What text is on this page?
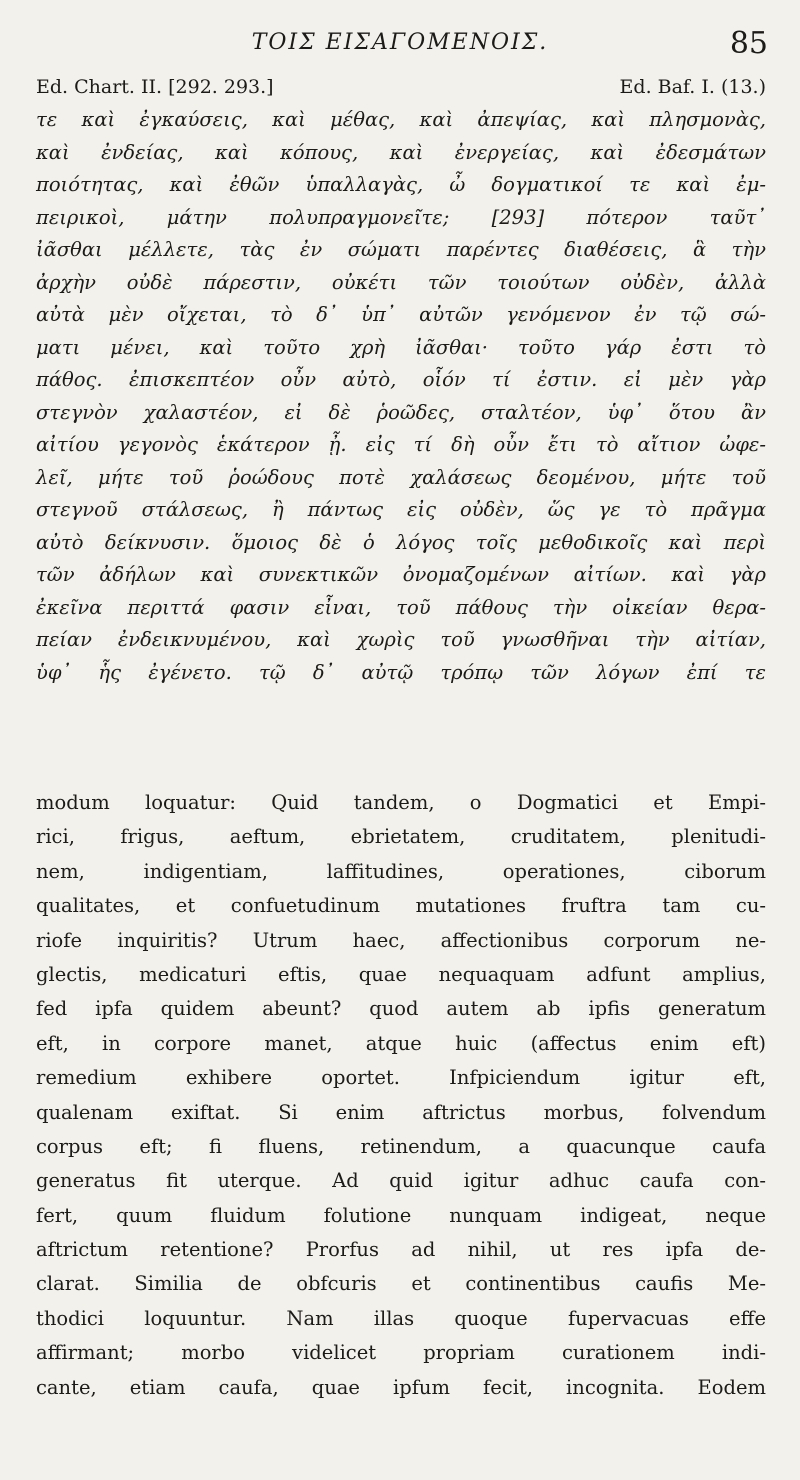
ΤΟΙΣ ΕΙΣΑΓΟΜΕΝΟΙΣ.	85
Ed. Chart. II. [292. 293.]	Ed. Baf. I. (13.)
τε καὶ ἐγκαύσεις, καὶ μέθας, καὶ ἀπεψίας, καὶ πλησμονὰς,
καὶ ἐνδείας, καὶ κόπους, καὶ ἐνεργείας, καὶ ἐδεσμάτων
ποιότητας, καὶ ἐθῶν ὑπαλλαγὰς, ὦ δογματικοί τε καὶ ἐμ-
πειρικοὶ, μάτην πολυπραγμονεῖτε; [293] πότερον ταῦτ᾽
ἰᾶσθαι μέλλετε, τὰς ἐν σώματι παρέντες διαθέσεις, ἃ τὴν
ἀρχὴν οὐδὲ πάρεστιν, οὐκέτι τῶν τοιούτων οὐδὲν, ἀλλὰ
αὐτὰ μὲν οἴχεται, τὸ δ᾽ ὑπ᾽ αὐτῶν γενόμενον ἐν τῷ σώ-
ματι μένει, καὶ τοῦτο χρὴ ἰᾶσθαι· τοῦτο γάρ ἐστι τὸ
πάθος. ἐπισκεπτέον οὖν αὐτὸ, οἷόν τί ἐστιν. εἰ μὲν γὰρ
στεγνὸν χαλαστέον, εἰ δὲ ῥοῶδες, σταλτέον, ὑφ᾽ ὅτου ἂν
αἰτίου γεγονὸς ἑκάτερον ᾖ. εἰς τί δὴ οὖν ἔτι τὸ αἴτιον ὠφε-
λεῖ, μήτε τοῦ ῥοώδους ποτὲ χαλάσεως δεομένου, μήτε τοῦ
στεγνοῦ στάλσεως, ἢ πάντως εἰς οὐδὲν, ὥς γε τὸ πρᾶγμα
αὐτὸ δείκνυσιν. ὅμοιος δὲ ὁ λόγος τοῖς μεθοδικοῖς καὶ περὶ
τῶν ἀδήλων καὶ συνεκτικῶν ὀνομαζομένων αἰτίων. καὶ γὰρ
ἐκεῖνα περιττά φασιν εἶναι, τοῦ πάθους τὴν οἰκείαν θερα-
πείαν ἐνδεικνυμένου, καὶ χωρὶς τοῦ γνωσθῆναι τὴν αἰτίαν,
ὑφ᾽ ἧς ἐγένετο. τῷ δ᾽ αὐτῷ τρόπῳ τῶν λόγων ἐπί τε
modum loquatur: Quid tandem, o Dogmatici et Empi-
rici, frigus, aeftum, ebrietatem, cruditatem, plenitudi-
nem, indigentiam, laffitudines, operationes, ciborum
qualitates, et confuetudinum mutationes fruftra tam cu-
riofe inquiritis? Utrum haec, affectionibus corporum ne-
glectis, medicaturi eftis, quae nequaquam adfunt amplius,
fed ipfa quidem abeunt? quod autem ab ipfis generatum
eft, in corpore manet, atque huic (affectus enim eft)
remedium exhibere oportet. Infpiciendum igitur eft,
qualenam exiftat. Si enim aftrictus morbus, folvendum
corpus eft; fi fluens, retinendum, a quacunque caufa
generatus fit uterque. Ad quid igitur adhuc caufa con-
fert, quum fluidum folutione nunquam indigeat, neque
aftrictum retentione? Prorfus ad nihil, ut res ipfa de-
clarat. Similia de obfcuris et continentibus caufis Me-
thodici loquuntur. Nam illas quoque fupervacuas effe
affirmant; morbo videlicet propriam curationem indi-
cante, etiam caufa, quae ipfum fecit, incognita. Eodem
